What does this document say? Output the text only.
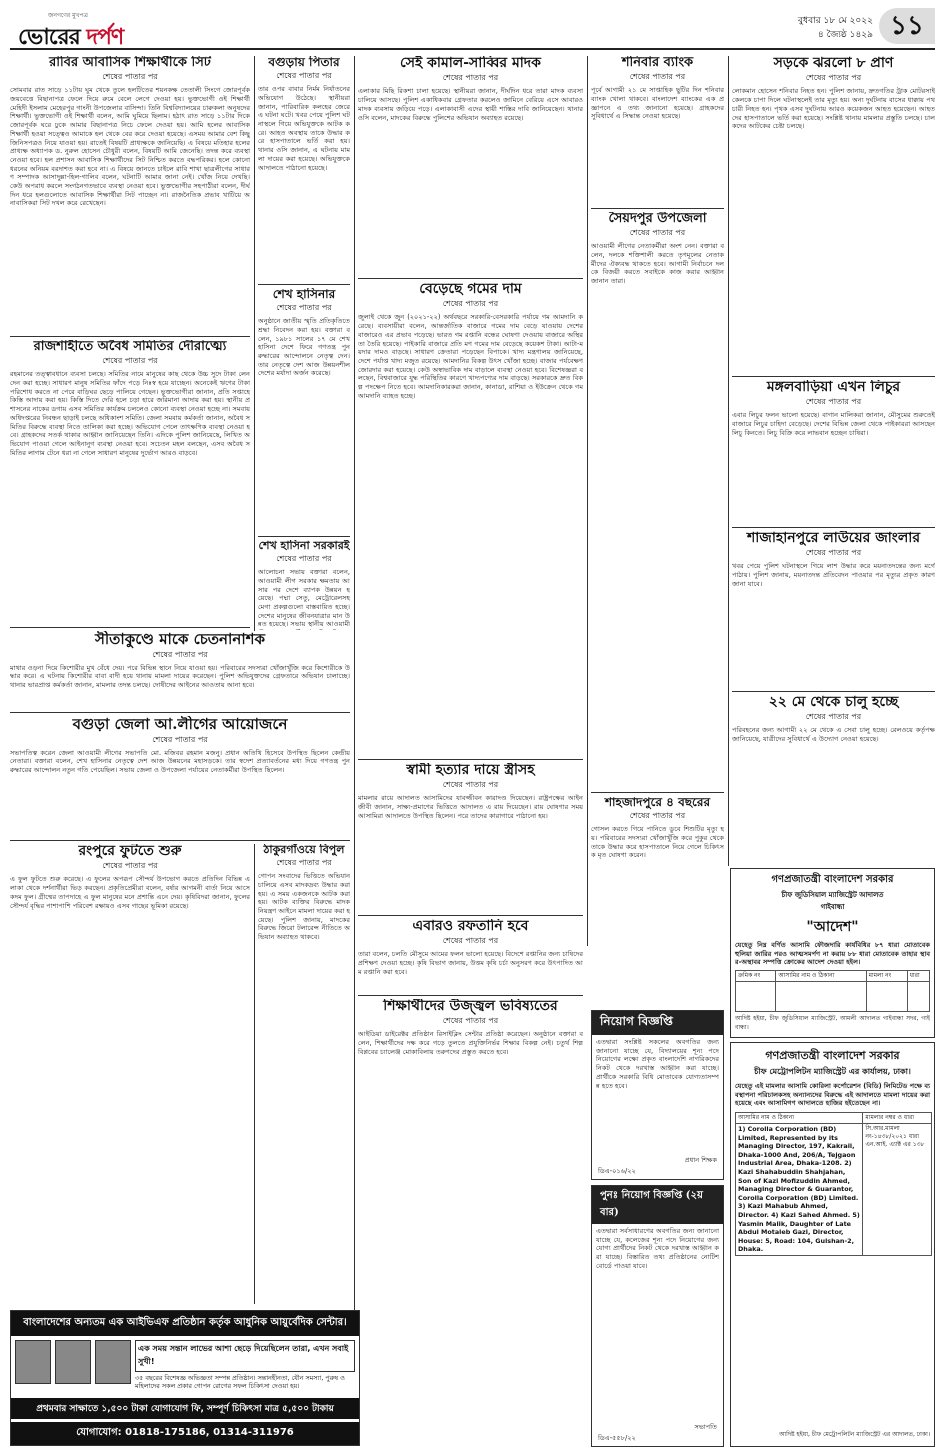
জনগণের মুখপত্র
ভোরের দর্পণ
বুধবার ১৮ মে ২০২২
৪ জ্যৈষ্ঠ ১৪২৯ ১১
রাবির আবাসিক শিক্ষার্থীকে সিট
শেষের পাতার পর
সোমবার রাত সাড়ে ১১টায় ঘুম থেকে তুলে হলটিতের শয়নকক্ষ তেতালী সিংগে জোরপূর্বক জয়বেত্তে বিছানাপত্র ফেলে দিয়ে রুমে বেলে লেগে দেওয়া হয়। ভুক্তভোগী ওই শিক্ষার্থী মেহিদী ইসলাম মেহেরপুর গাংনী উপজেলার বাসিন্দা। তিনি বিশ্ববিদ্যালয়ের চারুকলা অনুষদের শিক্ষার্থী। ভুক্তভোগী ওই শিক্ষার্থী বলেন, আমি ঘুমিয়ে ছিলাম। হঠাৎ রাত সাড়ে ১১টার দিকে জোরপূর্বক ঘরে ঢুকে আমার বিছানাপত্র নিচে ফেলে দেওয়া হয়। আমি হলের আবাসিক শিক্ষার্থী হওয়া সত্ত্বেও আমাকে হল থেকে বের করে দেওয়া হয়েছে। এসময় আমার বেশ কিছু জিনিসপত্রও নিয়ে যাওয়া হয়। রাতেই বিষয়টি প্রাধ্যক্ষকে জানিয়েছি। এ বিষয়ে মতিহার হলের প্রাধ্যক্ষ অধ্যাপক ড. নুরুল হোসেন চৌধুরী বলেন, বিষয়টি আমি জেনেছি। তদন্ত করে ব্যবস্থা নেওয়া হবে। হল প্রশাসন আবাসিক শিক্ষার্থীদের সিট নিশ্চিত করতে বদ্ধপরিকর। হলে কোনো ধরনের অনিয়ম বরদাশত করা হবে না। এ বিষয়ে জানতে চাইলে রাবি শাখা ছাত্রলীগের সাধারণ সম্পাদক আসাদুল্লা-হিল-গালিব বলেন, ঘটনাটি আমার জানা নেই। খোঁজ নিয়ে দেখছি। কেউ অপরাধ করলে সংগঠনগতভাবে ব্যবস্থা নেওয়া হবে। ভুক্তভোগীর সহপাঠীরা বলেন, দীর্ঘদিন ধরে হলগুলোতে আবাসিক শিক্ষার্থীরা সিট পাচ্ছেন না। রাজনৈতিক প্রভাব খাটিয়ে অনাবাসিকরা সিট দখল করে রেখেছেন।
রাজশাহীতে অবৈধ সমিতির দৌরাত্ম্যে
শেষের পাতার পর
রহমানের তত্ত্বাবধানে ব্যবসা চলছে। সমিতির নামে মানুষের কাছ থেকে উচ্চ সুদে টাকা লেনদেন করা হচ্ছে। সাধারণ মানুষ সমিতির ফাঁদে পড়ে নিঃস্ব হয়ে যাচ্ছেন। অনেকেই ঋণের টাকা পরিশোধ করতে না পেরে বাড়িঘর ছেড়ে পালিয়ে গেছেন। ভুক্তভোগীরা জানান, প্রতি সপ্তাহে কিস্তি আদায় করা হয়। কিস্তি দিতে দেরি হলে চড়া হারে জরিমানা আদায় করা হয়। স্থানীয় প্রশাসনের নাকের ডগায় এসব সমিতির কার্যক্রম চললেও কোনো ব্যবস্থা নেওয়া হচ্ছে না। সমবায় অধিদপ্তরের নিবন্ধন ছাড়াই চলছে অধিকাংশ সমিতি। জেলা সমবায় কর্মকর্তা জানান, অবৈধ সমিতির বিরুদ্ধে ব্যবস্থা নিতে তালিকা করা হচ্ছে। অভিযোগ পেলে তাৎক্ষণিক ব্যবস্থা নেওয়া হবে। গ্রাহকদের সতর্ক থাকার আহ্বান জানিয়েছেন তিনি। এদিকে পুলিশ জানিয়েছে, লিখিত অভিযোগ পাওয়া গেলে আইনানুগ ব্যবস্থা নেওয়া হবে। সচেতন মহল বলছেন, এসব অবৈধ সমিতির লাগাম টেনে ধরা না গেলে সাধারণ মানুষের দুর্ভোগ আরও বাড়বে।
সীতাকুণ্ডে মাকে চেতনানাশক
শেষের পাতার পর
মাথার ওড়না দিয়ে কিশোরীর মুখ বেঁধে দেয়। পরে বিভিন্ন স্থানে নিয়ে যাওয়া হয়। পরিবারের সদস্যরা খোঁজাখুঁজি করে কিশোরীকে উদ্ধার করে। এ ঘটনায় কিশোরীর বাবা বাদী হয়ে থানায় মামলা দায়ের করেছেন। পুলিশ অভিযুক্তদের গ্রেফতারে অভিযান চালাচ্ছে। থানার ভারপ্রাপ্ত কর্মকর্তা জানান, মামলার তদন্ত চলছে। দোষীদের আইনের আওতায় আনা হবে।
বগুড়া জেলা আ.লীগের আয়োজনে
শেষের পাতার পর
সভাপতিত্ব করেন জেলা আওয়ামী লীগের সভাপতি মো. মজিবর রহমান মজনু। প্রধান অতিথি হিসেবে উপস্থিত ছিলেন কেন্দ্রীয় নেতারা। বক্তারা বলেন, শেখ হাসিনার নেতৃত্বে দেশ আজ উন্নয়নের মহাসড়কে। তার স্বদেশ প্রত্যাবর্তনের মধ্য দিয়ে গণতন্ত্র পুনরুদ্ধারের আন্দোলন নতুন গতি পেয়েছিল। সভায় জেলা ও উপজেলা পর্যায়ের নেতাকর্মীরা উপস্থিত ছিলেন।
রংপুরে ফুটতে শুরু
শেষের পাতার পর
এ ফুল ফুটতে শুরু করেছে। এ ফুলের অপরূপ সৌন্দর্য উপভোগ করতে প্রতিদিন বিভিন্ন এলাকা থেকে দর্শনার্থীরা ভিড় করছেন। প্রকৃতিপ্রেমীরা বলেন, বর্ষার আগমনী বার্তা নিয়ে আসে কদম ফুল। গ্রীষ্মের তাপদাহে এ ফুল মানুষের মনে প্রশান্তি এনে দেয়। কৃষিবিদরা জানান, ফুলের সৌন্দর্য বৃদ্ধির পাশাপাশি পরিবেশ রক্ষায়ও এসব গাছের ভূমিকা রয়েছে।
বগুড়ায় পিতার
শেষের পাতার পর
তার ওপর বাবার নির্মম নির্যাতনের অভিযোগ উঠেছে। স্থানীয়রা জানান, পারিবারিক কলহের জেরে এ ঘটনা ঘটে। খবর পেয়ে পুলিশ ঘটনাস্থলে গিয়ে অভিযুক্তকে আটক করে। আহত অবস্থায় তাকে উদ্ধার করে হাসপাতালে ভর্তি করা হয়। থানার ওসি জানান, এ ঘটনায় মামলা দায়ের করা হয়েছে। অভিযুক্তকে আদালতে পাঠানো হয়েছে।
শেখ হাসিনার
শেষের পাতার পর
অনুষ্ঠানে জাতীয় স্মৃতি প্রতিকৃতিতে শ্রদ্ধা নিবেদন করা হয়। বক্তারা বলেন, ১৯৮১ সালের ১৭ মে শেখ হাসিনা দেশে ফিরে গণতন্ত্র পুনরুদ্ধারের আন্দোলনে নেতৃত্ব দেন। তার নেতৃত্বে দেশ আজ উন্নয়নশীল দেশের মর্যাদা অর্জন করেছে।
শেখ হাসিনা সরকারই
শেষের পাতার পর
আলোচনা সভায় বক্তারা বলেন, আওয়ামী লীগ সরকার ক্ষমতায় আসার পর দেশে ব্যাপক উন্নয়ন হয়েছে। পদ্মা সেতু, মেট্রোরেলসহ মেগা প্রকল্পগুলো বাস্তবায়িত হচ্ছে। দেশের মানুষের জীবনযাত্রার মান উন্নত হয়েছে। সভায় স্থানীয় আওয়ামী
ঠাকুরগাঁওয়ে বিপুল
শেষের পাতার পর
গোপন সংবাদের ভিত্তিতে অভিযান চালিয়ে এসব মাদকদ্রব্য উদ্ধার করা হয়। এ সময় একজনকে আটক করা হয়। আটক ব্যক্তির বিরুদ্ধে মাদক নিয়ন্ত্রণ আইনে মামলা দায়ের করা হয়েছে। পুলিশ জানায়, মাদকের বিরুদ্ধে জিরো টলারেন্স নীতিতে অভিযান অব্যাহত থাকবে।
সেই কামাল-সাব্বির মাদক
শেষের পাতার পর
এলাকার মিছি রিকশা চালা হয়েছে। স্থানীয়রা জানান, দীর্ঘদিন ধরে তারা মাদক ব্যবসা চালিয়ে আসছে। পুলিশ একাধিকবার গ্রেফতার করলেও জামিনে বেরিয়ে এসে আবারও মাদক ব্যবসায় জড়িয়ে পড়ে। এলাকাবাসী এদের স্থায়ী শাস্তির দাবি জানিয়েছেন। থানার ওসি বলেন, মাদকের বিরুদ্ধে পুলিশের অভিযান অব্যাহত রয়েছে।
বেড়েছে গমের দাম
শেষের পাতার পর
জুলাই থেকে জুন (২০২১-২২) অর্থবছরে সরকারি-বেসরকারি পর্যায়ে গম আমদানি করেছে। ব্যবসায়ীরা বলেন, আন্তর্জাতিক বাজারে গমের দাম বেড়ে যাওয়ায় দেশের বাজারেও এর প্রভাব পড়েছে। ভারত গম রপ্তানি বন্ধের ঘোষণা দেওয়ায় বাজারে অস্থিরতা তৈরি হয়েছে। পাইকারি বাজারে প্রতি মণ গমের দাম বেড়েছে কয়েকশ টাকা। আটা-ময়দার দামও বাড়ছে। সাধারণ ক্রেতারা পড়েছেন বিপাকে। খাদ্য মন্ত্রণালয় জানিয়েছে, দেশে পর্যাপ্ত খাদ্য মজুত রয়েছে। আমদানির বিকল্প উৎস খোঁজা হচ্ছে। বাজার পর্যবেক্ষণ জোরদার করা হয়েছে। কেউ অস্বাভাবিক দাম বাড়ালে ব্যবস্থা নেওয়া হবে। বিশেষজ্ঞরা বলছেন, বিশ্ববাজারে যুদ্ধ পরিস্থিতির কারণে খাদ্যপণ্যের দাম বাড়ছে। সরকারকে দ্রুত বিকল্প পদক্ষেপ নিতে হবে। আমদানিকারকরা জানান, কানাডা, রাশিয়া ও ইউক্রেন থেকে গম আমদানি ব্যাহত হচ্ছে।
স্বামী হত্যার দায়ে স্ত্রীসহ
শেষের পাতার পর
মামলার রায়ে আদালত আসামিদের যাবজ্জীবন কারাদণ্ড দিয়েছেন। রাষ্ট্রপক্ষের আইনজীবী জানান, সাক্ষ্য-প্রমাণের ভিত্তিতে আদালত এ রায় দিয়েছেন। রায় ঘোষণার সময় আসামিরা আদালতে উপস্থিত ছিলেন। পরে তাদের কারাগারে পাঠানো হয়।
এবারও রফতানি হবে
শেষের পাতার পর
তারা বলেন, চলতি মৌসুমে আমের ফলন ভালো হয়েছে। বিদেশে রপ্তানির জন্য চাষিদের প্রশিক্ষণ দেওয়া হচ্ছে। কৃষি বিভাগ জানায়, উত্তম কৃষি চর্চা অনুসরণ করে উৎপাদিত আম রপ্তানি করা হবে।
শিক্ষার্থীদের উজ্জ্বল ভবিষ্যতের
শেষের পাতার পর
আইডিয়া ডাইরেক্টর প্রতিষ্ঠান রিসাইক্লিং সেন্টার প্রতিষ্ঠা করেছেন। অনুষ্ঠানে বক্তারা বলেন, শিক্ষার্থীদের দক্ষ করে গড়ে তুলতে প্রযুক্তিনির্ভর শিক্ষার বিকল্প নেই। চতুর্থ শিল্প বিপ্লবের চ্যালেঞ্জ মোকাবিলায় তরুণদের প্রস্তুত করতে হবে।
শনিবার ব্যাংক
শেষের পাতার পর
পূর্বে আগামী ২১ মে সাপ্তাহিক ছুটির দিন শনিবার ব্যাংক খোলা থাকবে। বাংলাদেশ ব্যাংকের এক প্রজ্ঞাপনে এ তথ্য জানানো হয়েছে। গ্রাহকদের সুবিধার্থে এ সিদ্ধান্ত নেওয়া হয়েছে।
সৈয়দপুর উপজেলা
শেষের পাতার পর
আওয়ামী লীগের নেতাকর্মীরা অংশ নেন। বক্তারা বলেন, দলকে শক্তিশালী করতে তৃণমূলের নেতাকর্মীদের ঐক্যবদ্ধ থাকতে হবে। আগামী নির্বাচনে দলকে বিজয়ী করতে সবাইকে কাজ করার আহ্বান জানান তারা।
শাহজাদপুরে ৪ বছরের
শেষের পাতার পর
গোসল করতে গিয়ে পানিতে ডুবে শিশুটির মৃত্যু হয়। পরিবারের সদস্যরা খোঁজাখুঁজি করে পুকুর থেকে তাকে উদ্ধার করে হাসপাতালে নিয়ে গেলে চিকিৎসক মৃত ঘোষণা করেন।
সড়কে ঝরলো ৮ প্রাণ
শেষের পাতার পর
লোকমান হোসেন শনিবার নিহত হন। পুলিশ জানায়, দ্রুতগতির ট্রাক মোটরসাইকেলকে চাপা দিলে ঘটনাস্থলেই তার মৃত্যু হয়। অন্য দুর্ঘটনায় বাসের ধাক্কায় পথচারী নিহত হন। পৃথক এসব দুর্ঘটনায় আরও কয়েকজন আহত হয়েছেন। আহতদের হাসপাতালে ভর্তি করা হয়েছে। সংশ্লিষ্ট থানায় মামলার প্রস্তুতি চলছে। চালকদের আটকের চেষ্টা চলছে।
মঙ্গলবাড়িয়া এখন লিচুর
শেষের পাতার পর
এবার লিচুর ফলন ভালো হয়েছে। বাগান মালিকরা জানান, মৌসুমের শুরুতেই বাজারে লিচুর চাহিদা বেড়েছে। দেশের বিভিন্ন জেলা থেকে পাইকাররা আসছেন লিচু কিনতে। লিচু বিক্রি করে লাভবান হচ্ছেন চাষিরা।
শাজাহানপুরে লাউয়ের জাংলার
শেষের পাতার পর
খবর পেয়ে পুলিশ ঘটনাস্থলে গিয়ে লাশ উদ্ধার করে ময়নাতদন্তের জন্য মর্গে পাঠায়। পুলিশ জানায়, ময়নাতদন্ত প্রতিবেদন পাওয়ার পর মৃত্যুর প্রকৃত কারণ জানা যাবে।
২২ মে থেকে চালু হচ্ছে
শেষের পাতার পর
পরিবহনের জন্য আগামী ২২ মে থেকে এ সেবা চালু হচ্ছে। রেলওয়ে কর্তৃপক্ষ জানিয়েছে, যাত্রীদের সুবিধার্থে এ উদ্যোগ নেওয়া হয়েছে।
গণপ্রজাতন্ত্রী বাংলাদেশ সরকার
চীফ জুডিসিয়াল ম্যাজিস্ট্রেট আদালত
গাইবান্ধা
"আদেশ"
যেহেতু নিম্ন বর্ণিত আসামি ফৌজদারি কার্যবিধির ৮৭ ধারা মোতাবেক হুলিয়া জারির পরও আত্মসমর্পণ না করায় ৮৮ ধারা মোতাবেক তাহার স্থাবর-অস্থাবর সম্পত্তি ক্রোকের আদেশ দেওয়া হইল।
ক্রমিক নং	আসামির নাম ও ঠিকানা	মামলা নং	ধারা

আদিষ্ট হইয়া, চীফ জুডিসিয়াল ম্যাজিস্ট্রেট, আমলী আদালত গাইবান্ধা সদর, গাইবান্ধা।
নিয়োগ বিজ্ঞপ্তি
এতদ্বারা সংশ্লিষ্ট সকলের অবগতির জন্য জানানো যাচ্ছে যে, বিদ্যালয়ের শূন্য পদে নিয়োগের লক্ষ্যে প্রকৃত বাংলাদেশি নাগরিকদের নিকট থেকে দরখাস্ত আহ্বান করা যাচ্ছে। প্রার্থীকে সরকারি বিধি মোতাবেক যোগ্যতাসম্পন্ন হতে হবে।
প্রধান শিক্ষক
ডিএ-০১৬/২২
পুনঃ নিয়োগ বিজ্ঞপ্তি (২য় বার)
এতদ্বারা সর্বসাধারণের অবগতির জন্য জানানো যাচ্ছে যে, কলেজের শূন্য পদে নিয়োগের জন্য যোগ্য প্রার্থীদের নিকট থেকে দরখাস্ত আহ্বান করা যাচ্ছে। বিস্তারিত তথ্য প্রতিষ্ঠানের নোটিশ বোর্ডে পাওয়া যাবে।
সভাপতি
ডিএ-৫৫৮/২২
গণপ্রজাতন্ত্রী বাংলাদেশ সরকার
চীফ মেট্রোপলিটন ম্যাজিস্ট্রেট এর কার্যালয়, ঢাকা।
যেহেতু এই মামলার আসামি কোরিলা কর্পোরেশন (বিডি) লিমিটেড পক্ষে ব্যবস্থাপনা পরিচালকসহ অন্যান্যদের বিরুদ্ধে এই আদালতে মামলা দায়ের করা হয়েছে এবং আসামিগণ আদালতে হাজির হইতেছেন না।
আসামির নাম ও ঠিকানা	মামলার নম্বর ও ধারা
1) Corolla Corporation (BD) Limited, Represented by its Managing Director, 197, Kakrail, Dhaka-1000 And, 206/A, Tejgaon Industrial Area, Dhaka-1208. 2) Kazi Shahabuddin Shahjahan, Son of Kazi Mofizuddin Ahmed, Managing Director & Guarantor, Corolla Corporation (BD) Limited. 3) Kazi Mahabub Ahmed, Director. 4) Kazi Sahed Ahmed. 5) Yasmin Malik, Daughter of Late Abdul Motaleb Gazi, Director, House: 5, Road: 104, Gulshan-2, Dhaka.	সি.আর.মামলা নং-১৪৩৮/২০২১ ধারা এন.আই. এ্যাক্ট এর ১৩৮
আদিষ্ট হইয়া, চীফ মেট্রোপলিটন ম্যাজিস্ট্রেট এর আদালত, ঢাকা।
বাংলাদেশের অন্যতম এক আইভিএফ প্রতিষ্ঠান কর্তৃক আধুনিক আয়ুর্বেদিক সেন্টার।
এক সময় সন্তান লাভের আশা ছেড়ে দিয়েছিলেন তারা, এখন সবাই সুখী!
৩৫ বছরের বিশেষজ্ঞ অভিজ্ঞতা সম্পন্ন প্রতিষ্ঠান। সন্তানহীনতা, যৌন সমস্যা, পুরুষ ও মহিলাদের সকল প্রকার গোপন রোগের সফল চিকিৎসা দেওয়া হয়।
প্রথমবার সাক্ষাতে ১,৫০০ টাকা যোগাযোগ ফি, সম্পূর্ণ চিকিৎসা মাত্র ৫,৫০০ টাকায়
যোগাযোগ: 01818-175186, 01314-311976
